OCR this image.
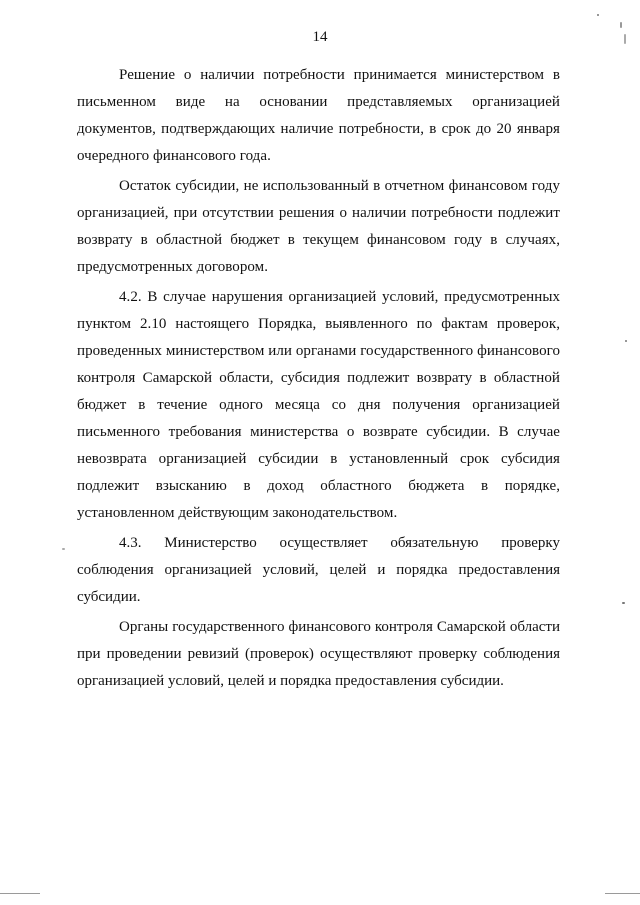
14

Решение о наличии потребности принимается министерством в письменном виде на основании представляемых организацией документов, подтверждающих наличие потребности, в срок до 20 января очередного финансового года.

Остаток субсидии, не использованный в отчетном финансовом году организацией, при отсутствии решения о наличии потребности подлежит возврату в областной бюджет в текущем финансовом году в случаях, предусмотренных договором.

4.2. В случае нарушения организацией условий, предусмотренных пунктом 2.10 настоящего Порядка, выявленного по фактам проверок, проведенных министерством или органами государственного финансового контроля Самарской области, субсидия подлежит возврату в областной бюджет в течение одного месяца со дня получения организацией письменного требования министерства о возврате субсидии. В случае невозврата организацией субсидии в установленный срок субсидия подлежит взысканию в доход областного бюджета в порядке, установленном действующим законодательством.

4.3. Министерство осуществляет обязательную проверку соблюдения организацией условий, целей и порядка предоставления субсидии.

Органы государственного финансового контроля Самарской области при проведении ревизий (проверок) осуществляют проверку соблюдения организацией условий, целей и порядка предоставления субсидии.
